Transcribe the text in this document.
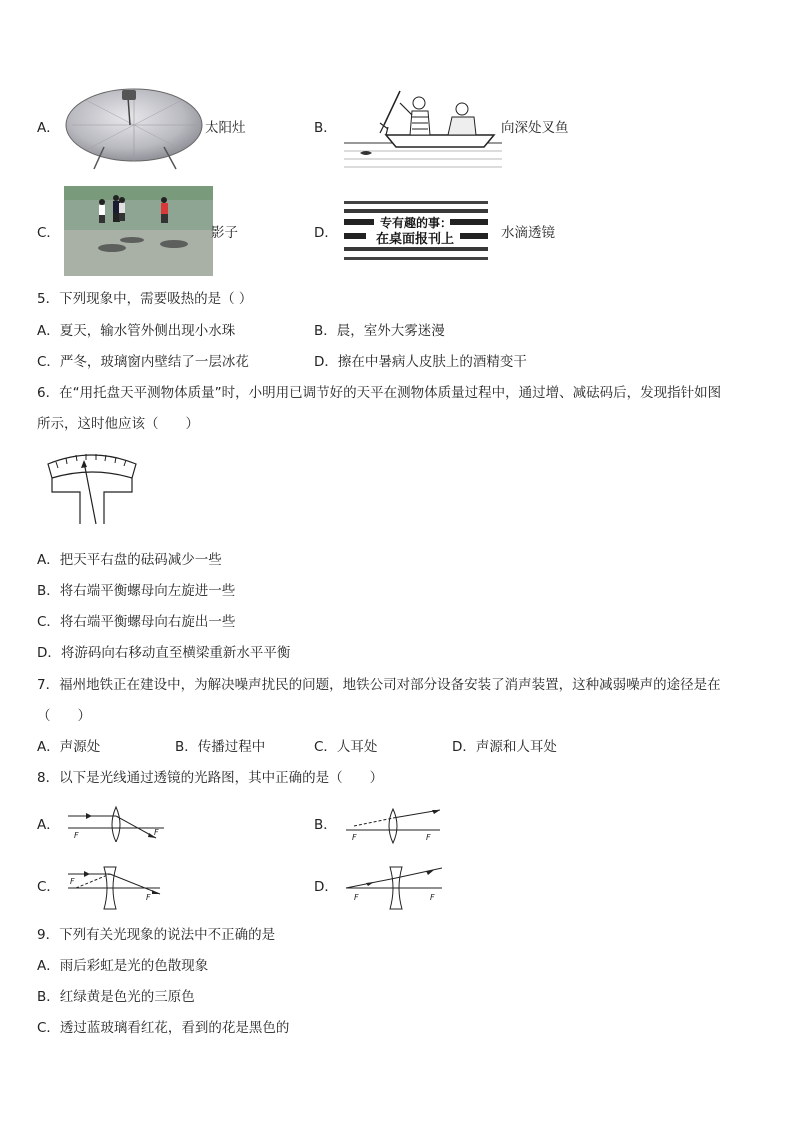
A．	太阳灶	B．	向深处叉鱼
C．	影子	D．
专有趣的事：
在桌面报刊上	水滴透镜
5．下列现象中，需要吸热的是（ ）
A．夏天，输水管外侧出现小水珠	B．晨，室外大雾迷漫
C．严冬，玻璃窗内壁结了一层冰花	D．擦在中暑病人皮肤上的酒精变干
6．在“用托盘天平测物体质量”时，小明用已调节好的天平在测物体质量过程中，通过增、减砝码后，发现指针如图
所示，这时他应该（　　）
A．把天平右盘的砝码减少一些
B．将右端平衡螺母向左旋进一些
C．将右端平衡螺母向右旋出一些
D．将游码向右移动直至横梁重新水平平衡
7．福州地铁正在建设中，为解决噪声扰民的问题，地铁公司对部分设备安装了消声装置，这种减弱噪声的途径是在
（　　）
A．声源处	B．传播过程中	C．人耳处	D．声源和人耳处
8．以下是光线通过透镜的光路图，其中正确的是（　　）
A．
F	F	B．
F	F
C． F
F
D．
F	F
9．下列有关光现象的说法中不正确的是
A．雨后彩虹是光的色散现象
B．红绿黄是色光的三原色
C．透过蓝玻璃看红花，看到的花是黑色的
